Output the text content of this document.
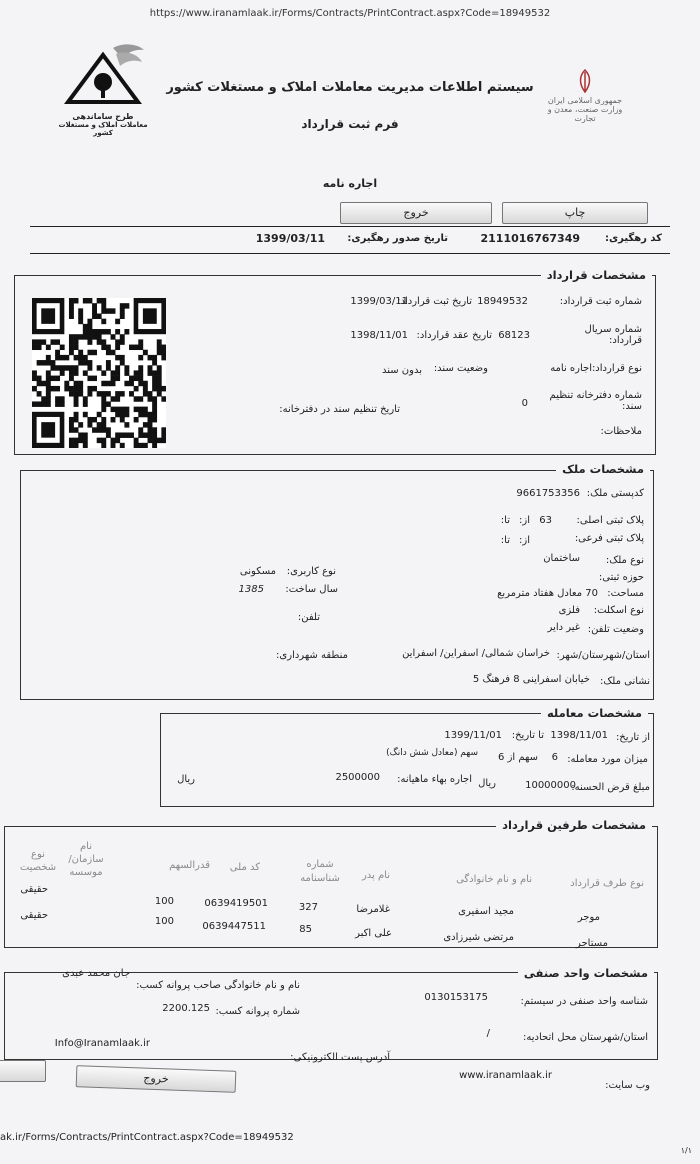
https://www.iranamlaak.ir/Forms/Contracts/PrintContract.aspx?Code=18949532
طرح ساماندهی
معاملات املاک و مستغلات کشور
جمهوری اسلامی ایران وزارت صنعت، معدن و تجارت
سیستم اطلاعات مدیریت معاملات املاک و مستغلات کشور
فرم ثبت قرارداد
اجاره نامه
چاپ
خروج
کد رهگیری:
2111016767349
تاریخ صدور رهگیری:
1399/03/11
مشخصات قرارداد
شماره ثبت قرارداد:
18949532
تاریخ ثبت قرارداد:
1399/03/11
شماره سریال قرارداد:
68123
تاریخ عقد قرارداد:
1398/11/01
نوع قرارداد:
اجاره نامه
وضعیت سند:
بدون سند
شماره دفترخانه تنظیم سند:
0
تاریخ تنظیم سند در دفترخانه:
ملاحظات:
مشخصات ملک
کدپستی ملک:
9661753356
پلاک ثبتی اصلی:
63
از:
تا:
پلاک ثبتی فرعی:
از:
تا:
نوع ملک:
ساختمان
حوزه ثبتی:
نوع کاربری:
مسکونی
مساحت:
70 معادل هفتاد مترمربع
سال ساخت:
1385
نوع اسکلت:
فلزی
وضعیت تلفن:
غیر دایر
تلفن:
استان/شهرستان/شهر:
خراسان شمالی/ اسفراین/ اسفراین
منطقه شهرداری:
نشانی ملک:
خیابان اسفراینی 8 فرهنگ 5
مشخصات معامله
از تاریخ:
1398/11/01
تا تاریخ:
1399/11/01
میزان مورد معامله:
6
سهم از 6
سهم (معادل شش دانگ)
مبلغ قرض الحسنه:
10000000
ریال
اجاره بهاء ماهیانه:
2500000
ریال
مشخصات طرفین قرارداد
نوع طرف قرارداد
نام و نام خانوادگی
نام پدر
شماره شناسنامه
کد ملی
قدرالسهم
نام سازمان/ موسسه
نوع شخصیت
موجر
مجید اسفیری
غلامرضا
327
0639419501
100
حقیقی
مستاجر
مرتضی شیرزادی
علی اکبر
85
0639447511
100
حقیقی
مشخصات واحد صنفی
شناسه واحد صنفی در سیستم:
0130153175
نام و نام خانوادگی صاحب پروانه کسب:
جان محمد عبدی
شماره پروانه کسب:
2200.125
استان/شهرستان محل اتحادیه:
/
آدرس پست الکترونیکی:
Info@Iranamlaak.ir
وب سایت:
www.iranamlaak.ir
خروج
ak.ir/Forms/Contracts/PrintContract.aspx?Code=18949532
۱/۱
